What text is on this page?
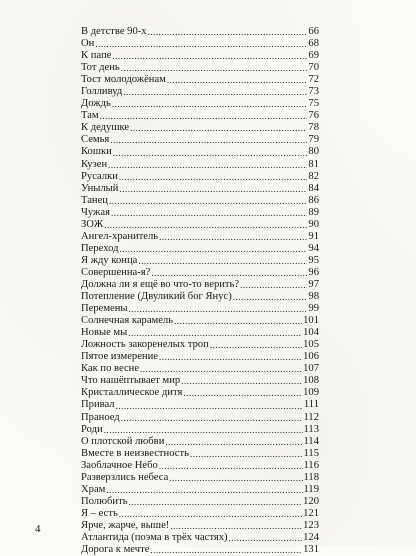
В детстве 90-х .....	66
Он .....	68
К папе .....	69
Тот день .....	70
Тост молодожёнам .....	72
Голливуд .....	73
Дождь .....	75
Там .....	76
К дедушке .....	78
Семья .....	79
Кошки .....	80
Кузен .....	81
Русалки .....	82
Унылый .....	84
Танец .....	86
Чужая .....	89
ЗОЖ .....	90
Ангел-хранитель .....	91
Переход .....	94
Я жду конца .....	95
Совершенна-я? .....	96
Должна ли я ещё во что-то верить? .....	97
Потепление (Двуликий бог Янус) .....	98
Перемены .....	99
Солнечная карамель .....	101
Новые мы .....	104
Ложность закоренелых троп .....	105
Пятое измерение .....	106
Как по весне .....	107
Что нашёптывает мир .....	108
Кристаллическое дитя .....	109
Привал .....	111
Праноед .....	112
Роди .....	113
О плотской любви .....	114
Вместе в неизвестность .....	115
Заоблачное Небо .....	116
Разверзлись небеса .....	118
Храм .....	119
Полюбить .....	120
Я – есть .....	121
Ярче, жарче, выше! .....	123
Атлантида (поэма в трёх частях) .....	124
Дорога к мечте .....	131
4
